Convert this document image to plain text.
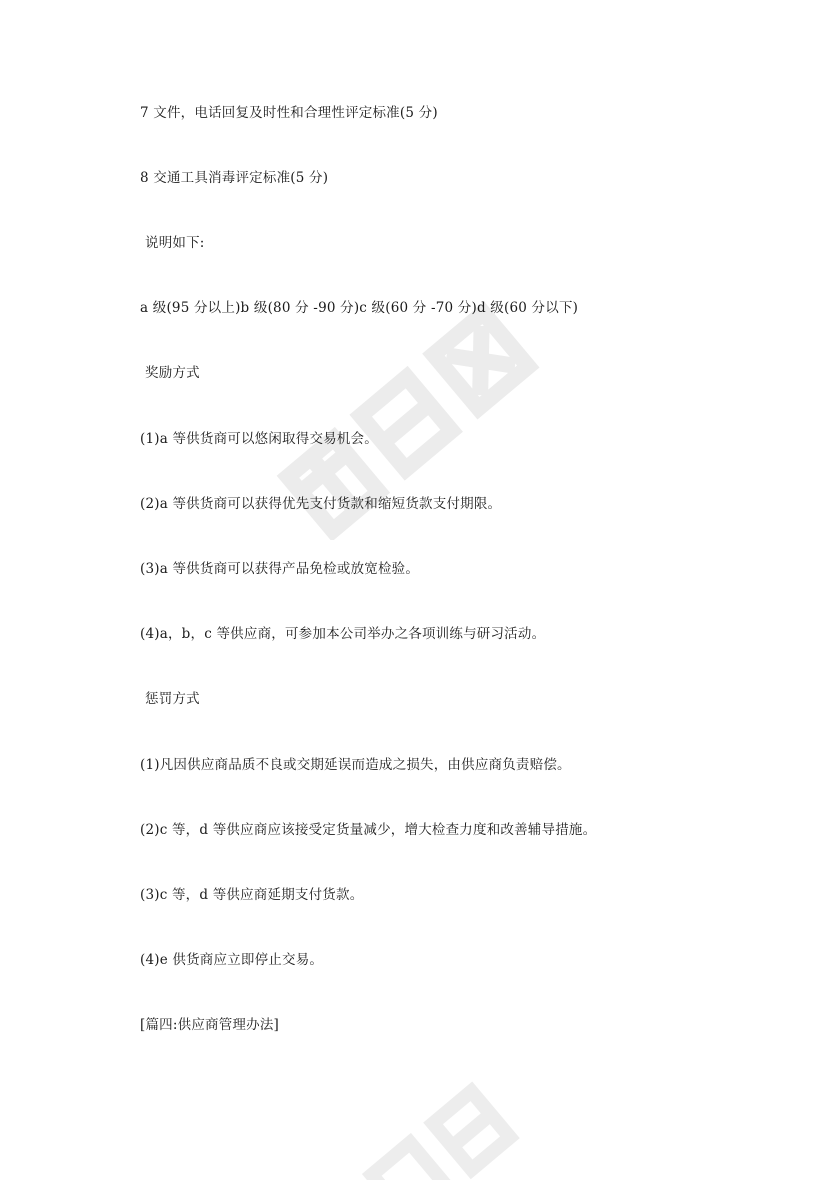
7 文件，电话回复及时性和合理性评定标准(5 分)
8 交通工具消毒评定标准(5 分)
说明如下:
a 级(95 分以上)b 级(80 分 -90 分)c 级(60 分 -70 分)d 级(60 分以下)
奖励方式
(1)a 等供货商可以悠闲取得交易机会。
(2)a 等供货商可以获得优先支付货款和缩短货款支付期限。
(3)a 等供货商可以获得产品免检或放宽检验。
(4)a，b，c 等供应商，可参加本公司举办之各项训练与研习活动。
惩罚方式
(1)凡因供应商品质不良或交期延误而造成之损失，由供应商负责赔偿。
(2)c 等，d 等供应商应该接受定货量减少，增大检查力度和改善辅导措施。
(3)c 等，d 等供应商延期支付货款。
(4)e 供货商应立即停止交易。
[篇四:供应商管理办法]
